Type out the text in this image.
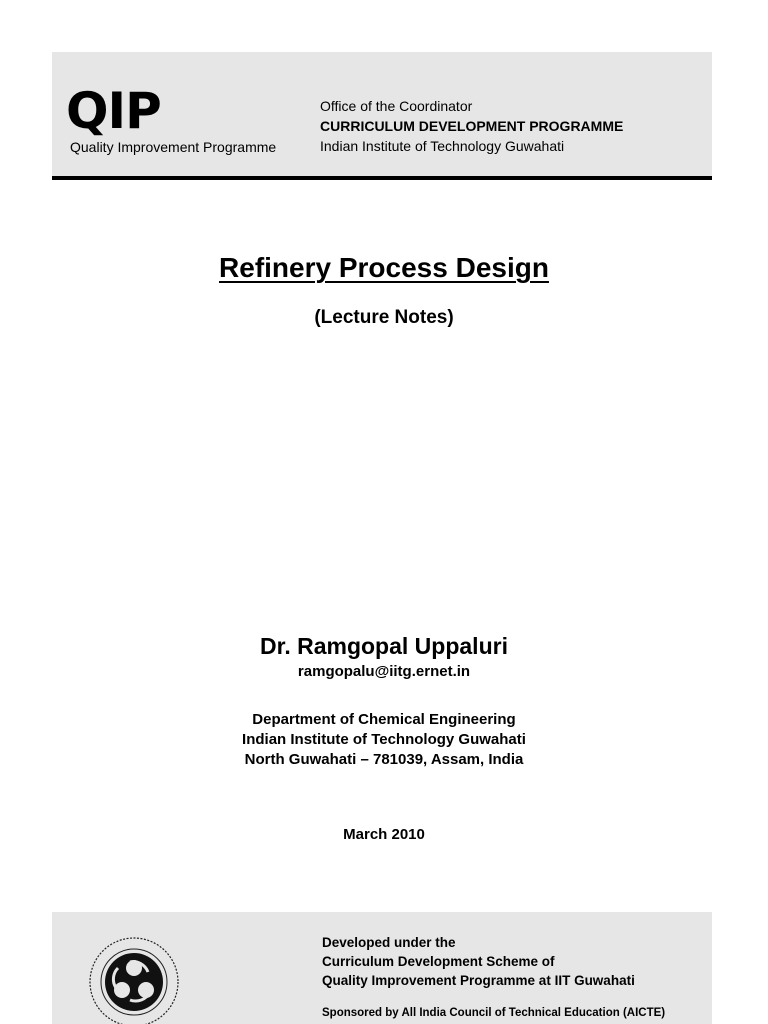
QIP
Quality Improvement Programme
Office of the Coordinator
CURRICULUM DEVELOPMENT PROGRAMME
Indian Institute of Technology Guwahati
Refinery Process Design
(Lecture Notes)
Dr. Ramgopal Uppaluri
ramgopalu@iitg.ernet.in
Department of Chemical Engineering
Indian Institute of Technology Guwahati
North Guwahati – 781039, Assam, India
March 2010
Developed under the
Curriculum Development Scheme of
Quality Improvement Programme at IIT Guwahati
Sponsored by All India Council of Technical Education (AICTE)
